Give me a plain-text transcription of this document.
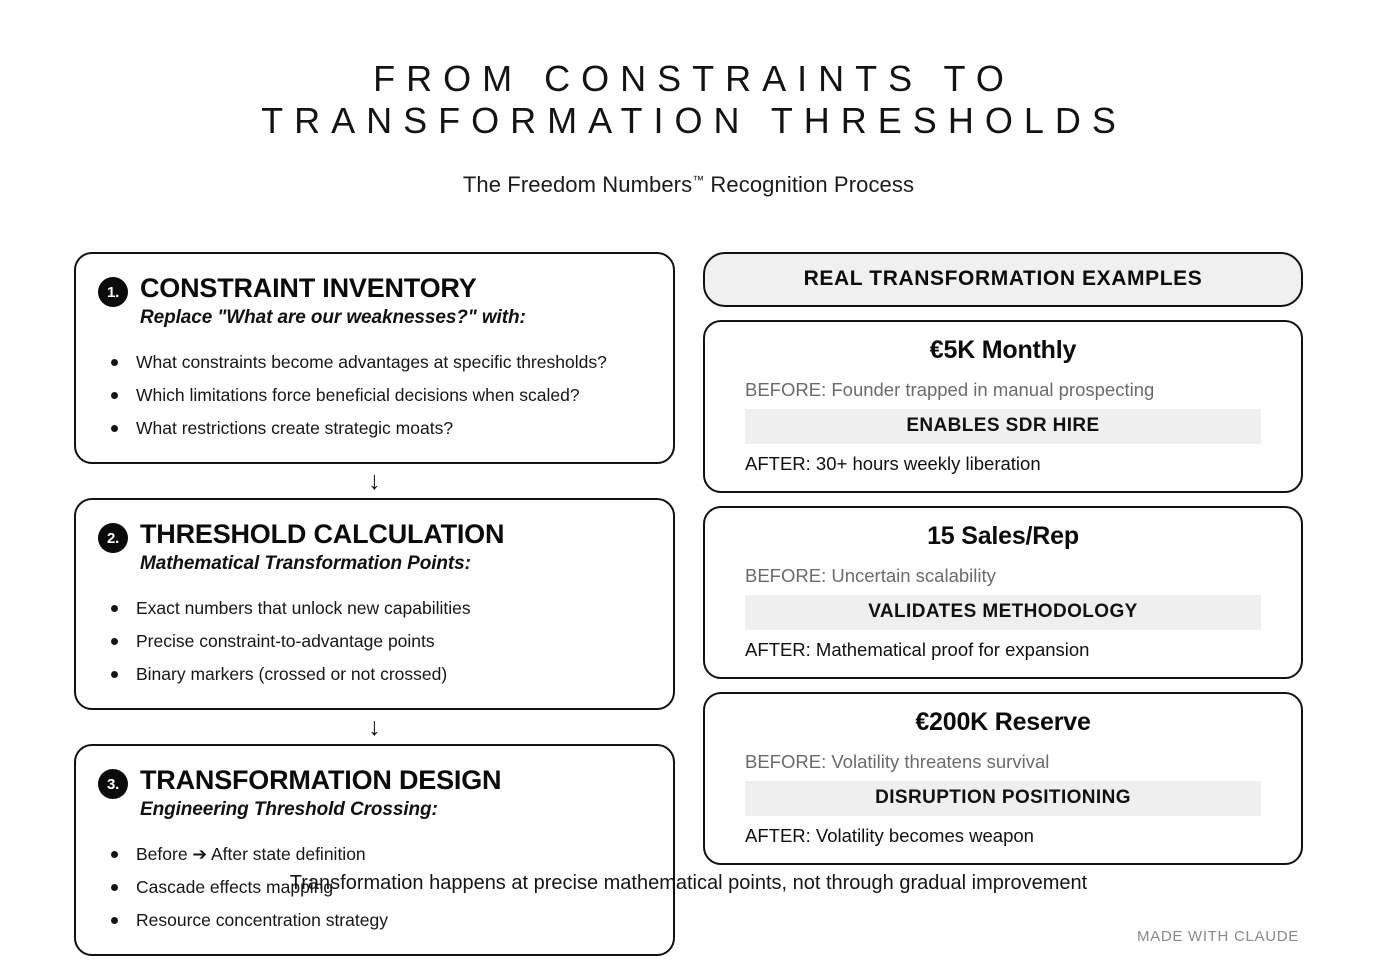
FROM CONSTRAINTS TO
TRANSFORMATION THRESHOLDS
The Freedom Numbers™ Recognition Process
1. CONSTRAINT INVENTORY
Replace "What are our weaknesses?" with:
What constraints become advantages at specific thresholds?
Which limitations force beneficial decisions when scaled?
What restrictions create strategic moats?
↓
2. THRESHOLD CALCULATION
Mathematical Transformation Points:
Exact numbers that unlock new capabilities
Precise constraint-to-advantage points
Binary markers (crossed or not crossed)
↓
3. TRANSFORMATION DESIGN
Engineering Threshold Crossing:
Before ➔ After state definition
Cascade effects mapping
Resource concentration strategy
REAL TRANSFORMATION EXAMPLES
€5K Monthly
BEFORE: Founder trapped in manual prospecting
ENABLES SDR HIRE
AFTER: 30+ hours weekly liberation
15 Sales/Rep
BEFORE: Uncertain scalability
VALIDATES METHODOLOGY
AFTER: Mathematical proof for expansion
€200K Reserve
BEFORE: Volatility threatens survival
DISRUPTION POSITIONING
AFTER: Volatility becomes weapon
Transformation happens at precise mathematical points, not through gradual improvement
MADE WITH CLAUDE
